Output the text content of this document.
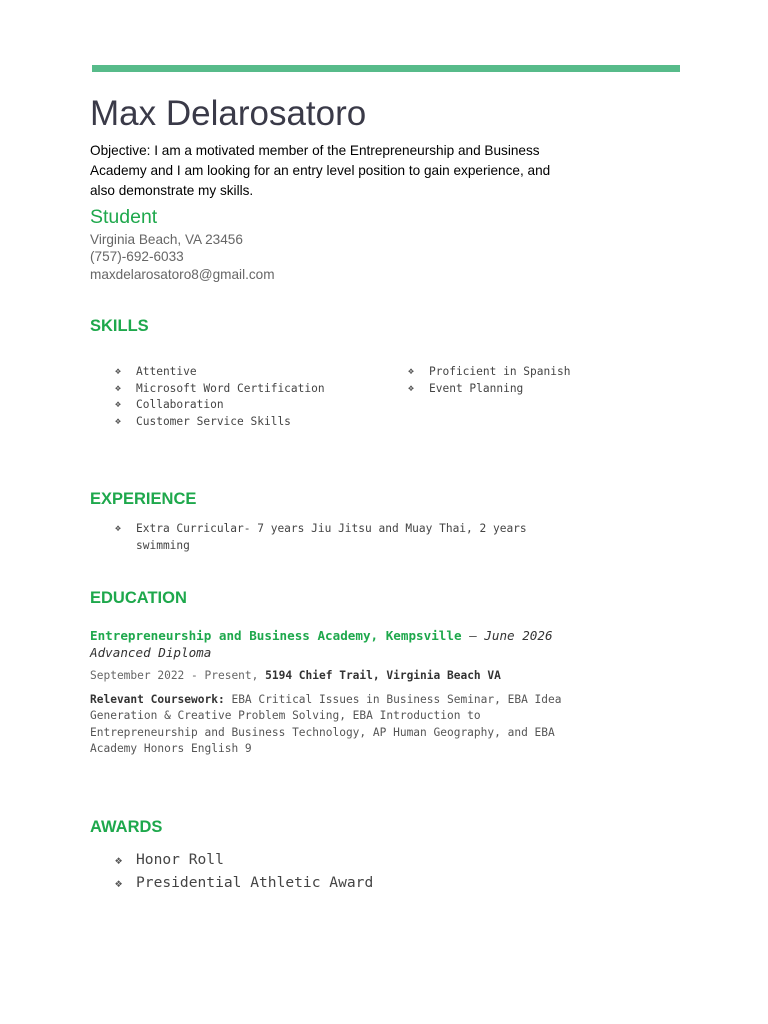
Max Delarosatoro
Objective: I am a motivated member of the Entrepreneurship and Business Academy and I am looking for an entry level position to gain experience, and also demonstrate my skills.
Student
Virginia Beach, VA 23456
(757)-692-6033
maxdelarosatoro8@gmail.com
SKILLS
❖ Attentive
❖ Microsoft Word Certification
❖ Collaboration
❖ Customer Service Skills
❖ Proficient in Spanish
❖ Event Planning
EXPERIENCE
❖ Extra Curricular- 7 years Jiu Jitsu and Muay Thai, 2 years swimming
EDUCATION
Entrepreneurship and Business Academy, Kempsville — June 2026 Advanced Diploma
September 2022 - Present, 5194 Chief Trail, Virginia Beach VA
Relevant Coursework: EBA Critical Issues in Business Seminar, EBA Idea Generation & Creative Problem Solving, EBA Introduction to Entrepreneurship and Business Technology, AP Human Geography, and EBA Academy Honors English 9
AWARDS
❖ Honor Roll
❖ Presidential Athletic Award
